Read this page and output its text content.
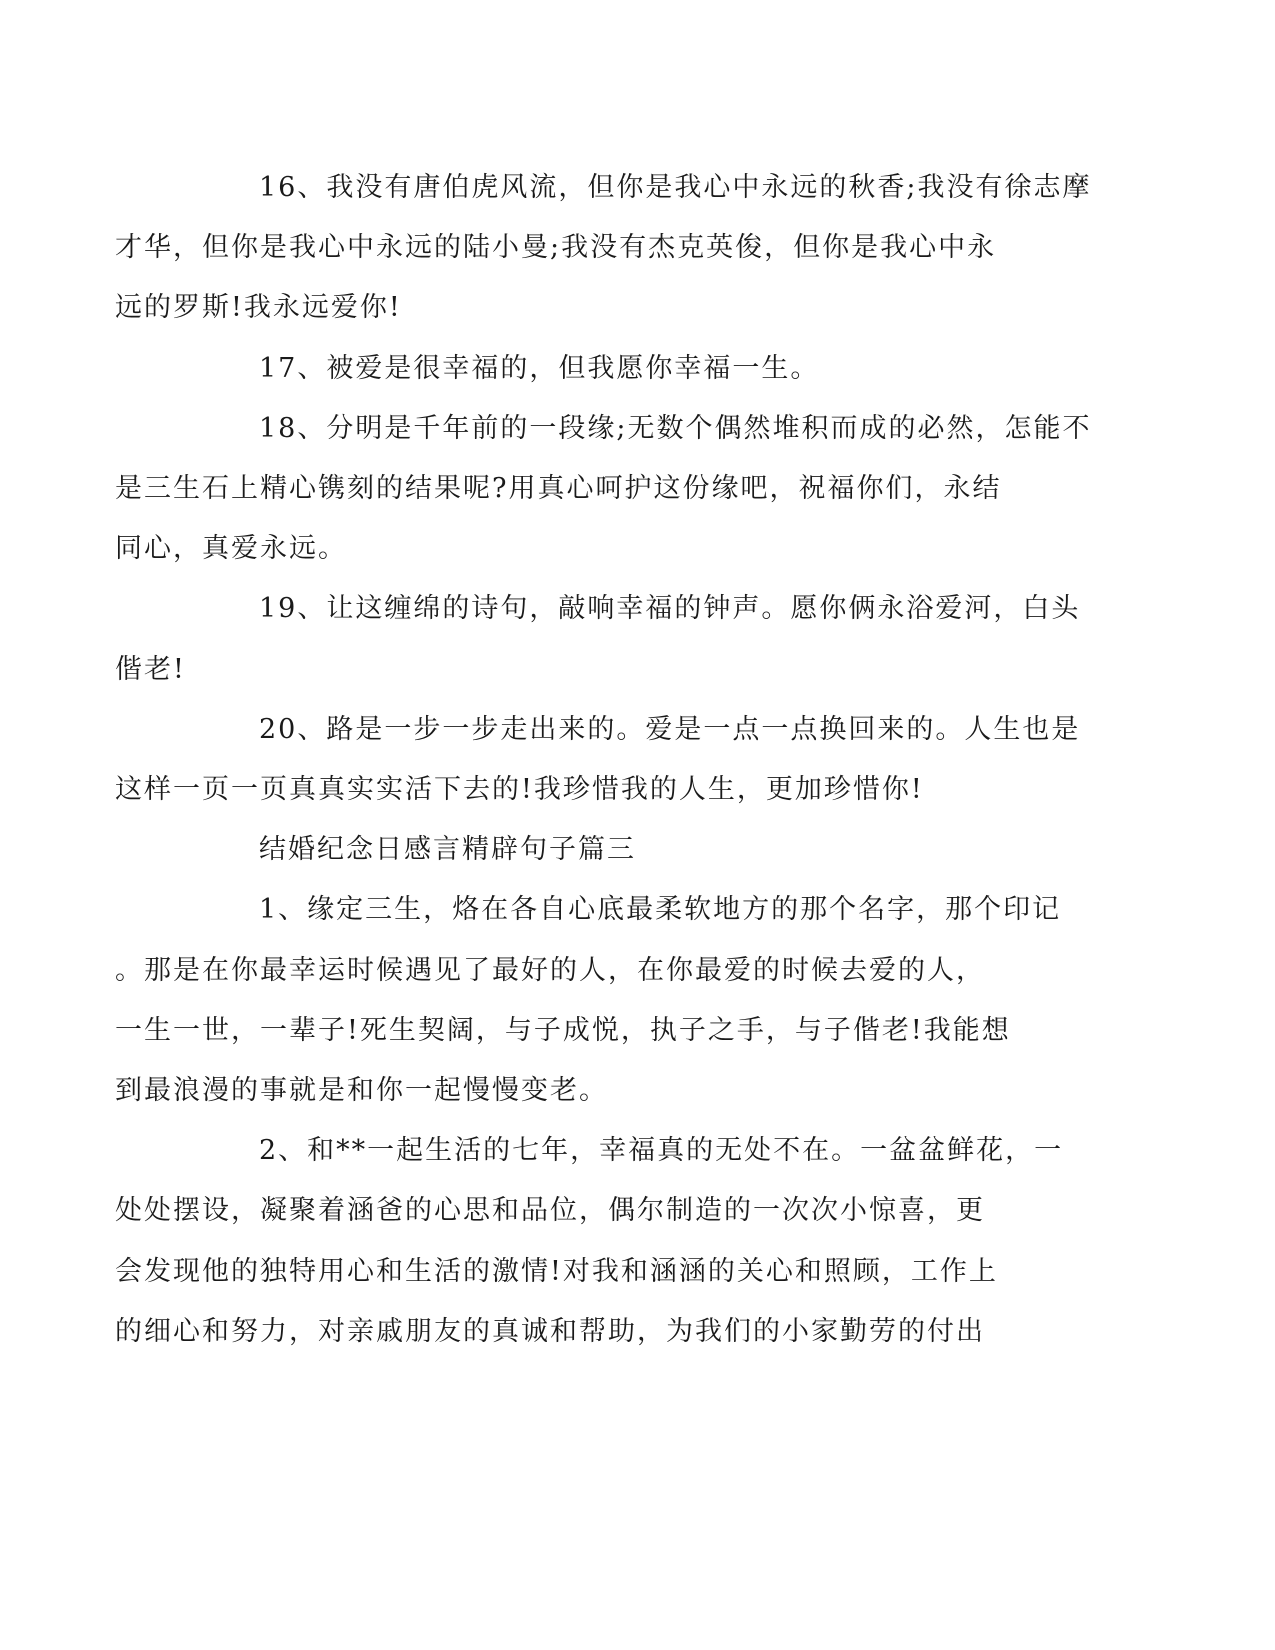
16、我没有唐伯虎风流，但你是我心中永远的秋香;我没有徐志摩
才华，但你是我心中永远的陆小曼;我没有杰克英俊，但你是我心中永
远的罗斯!我永远爱你!

17、被爱是很幸福的，但我愿你幸福一生。

18、分明是千年前的一段缘;无数个偶然堆积而成的必然，怎能不
是三生石上精心镌刻的结果呢?用真心呵护这份缘吧，祝福你们，永结
同心，真爱永远。

19、让这缠绵的诗句，敲响幸福的钟声。愿你俩永浴爱河，白头
偕老!

20、路是一步一步走出来的。爱是一点一点换回来的。人生也是
这样一页一页真真实实活下去的!我珍惜我的人生，更加珍惜你!

结婚纪念日感言精辟句子篇三

1、缘定三生，烙在各自心底最柔软地方的那个名字，那个印记
。那是在你最幸运时候遇见了最好的人，在你最爱的时候去爱的人，
一生一世，一辈子!死生契阔，与子成悦，执子之手，与子偕老!我能想
到最浪漫的事就是和你一起慢慢变老。

2、和**一起生活的七年，幸福真的无处不在。一盆盆鲜花，一
处处摆设，凝聚着涵爸的心思和品位，偶尔制造的一次次小惊喜，更
会发现他的独特用心和生活的激情!对我和涵涵的关心和照顾，工作上
的细心和努力，对亲戚朋友的真诚和帮助，为我们的小家勤劳的付出
